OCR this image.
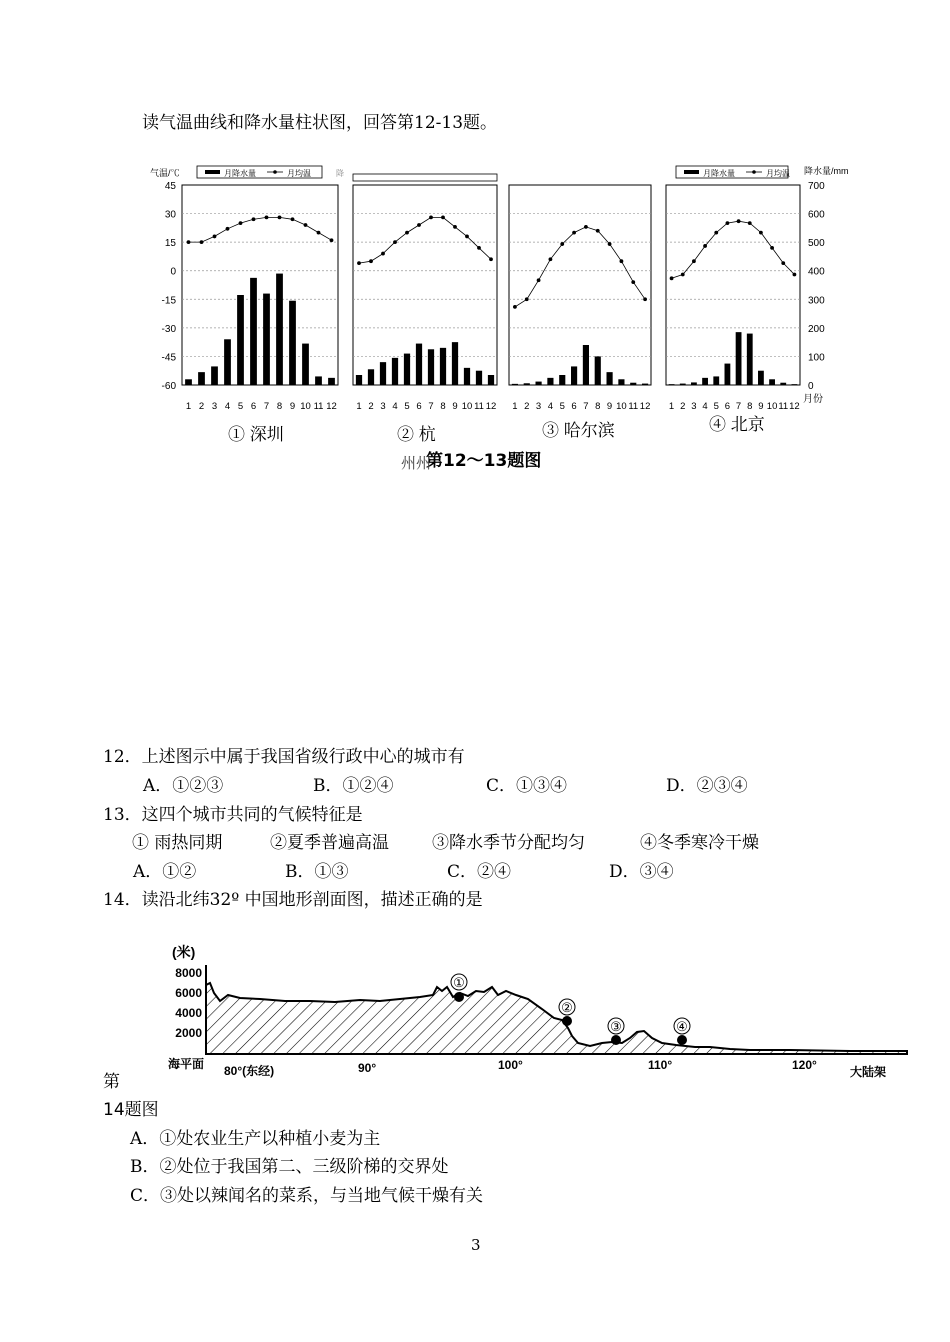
读气温曲线和降水量柱状图，回答第12-13题。
45
30
15
0
-15
-30
-45
-60
气温/℃
700
600
500
400
300
200
100
0
降水量/mm
月降水量	月均温	月降水量	月均温
降
1 2 3 4 5 6 7 8 9 10 11 12 1 2 3 4 5 6 7 8 9 10 11 12 1 2 3 4 5 6 7 8 9 10 11 12 1 2 3 4 5 6 7 8 9 10 11 12
月份
① 深圳	② 杭	③ 哈尔滨	④ 北京
第12～13题图
州州
12．上述图示中属于我国省级行政中心的城市有
A．①②③	B．①②④	C．①③④	D．②③④
13．这四个城市共同的气候特征是
① 雨热同期	②夏季普遍高温	③降水季节分配均匀	④冬季寒冷干燥
A．①②	B．①③	C．②④	D．③④
14．读沿北纬32º 中国地形剖面图，描述正确的是
(米)
8000
6000
4000
2000
①
②
③	④
海平面 80°(东经)	90°	100°	110°	120°	大陆架
第
14题图
A．①处农业生产以种植小麦为主
B．②处位于我国第二、三级阶梯的交界处
C．③处以辣闻名的菜系，与当地气候干燥有关
3
